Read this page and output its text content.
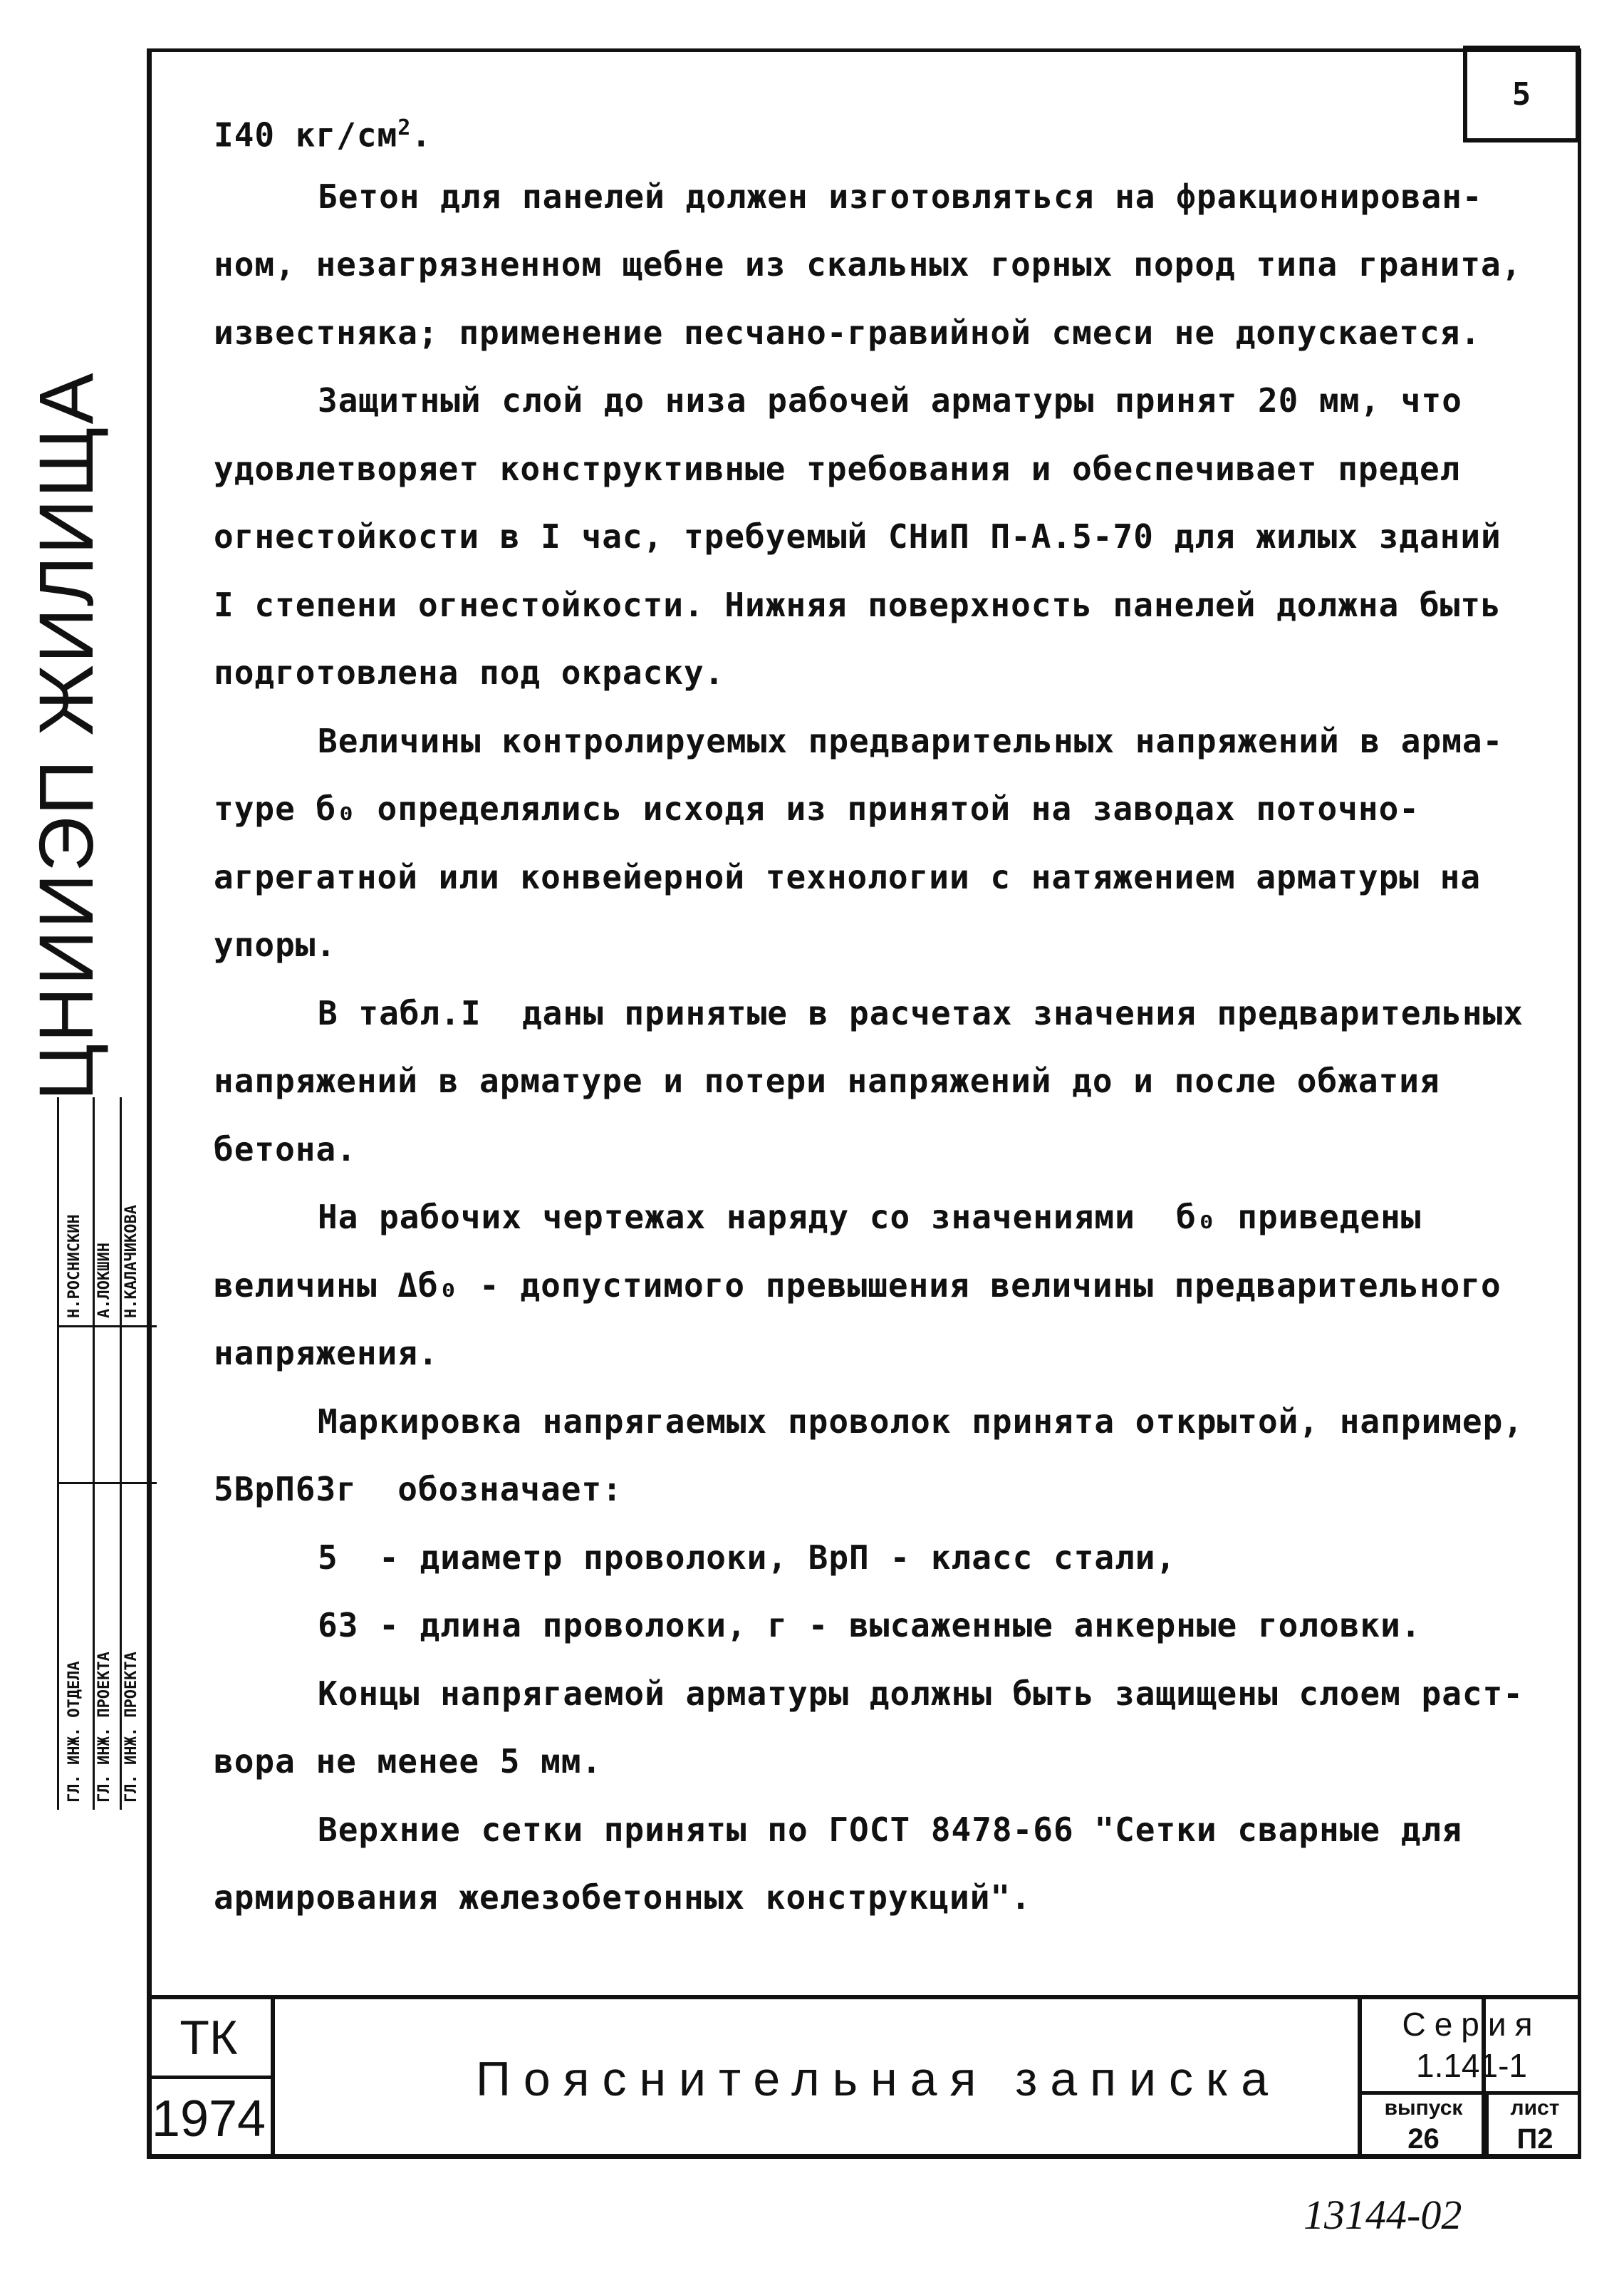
5
I40 $кг/см^2$.
Бетон для панелей должен изготовляться на фракционирован-
ном, незагрязненном щебне из скальных горных пород типа гранита,
известняка; применение песчано-гравийной смеси не допускается.
Защитный слой до низа рабочей арматуры принят 20 мм, что
удовлетворяет конструктивные требования и обеспечивает предел
огнестойкости в I час, требуемый СНиП П-А.5-70 для жилых зданий
I степени огнестойкости. Нижняя поверхность панелей должна быть
подготовлена под окраску.
Величины контролируемых предварительных напряжений в арма-
туре б₀ определялись исходя из принятой на заводах поточно-
агрегатной или конвейерной технологии с натяжением арматуры на
упоры.
В табл.I  даны принятые в расчетах значения предварительных
напряжений в арматуре и потери напряжений до и после обжатия
бетона.
На рабочих чертежах наряду со значениями  б₀ приведены
величины Δб₀ - допустимого превышения величины предварительного
напряжения.
Маркировка напрягаемых проволок принята открытой, например,
5ВрП63г  обозначает:
5  - диаметр проволоки, ВрП - класс стали,
63 - длина проволоки, г - высаженные анкерные головки.
Концы напрягаемой арматуры должны быть защищены слоем раст-
вора не менее 5 мм.
Верхние сетки приняты по ГОСТ 8478-66 "Сетки сварные для
армирования железобетонных конструкций".
ЦНИИЭП ЖИЛИЩА
ГЛ. ИНЖ. ОТДЕЛА ГЛ. ИНЖ. ПРОЕКТА ГЛ. ИНЖ. ПРОЕКТА
Н.РОСНИСКИН А.ЛОКШИН Н.КАЛАЧИКОВА
ТК
1974
Пояснительная записка
Серия
1.141-1
выпуск
26
лист
П2
13144-02
